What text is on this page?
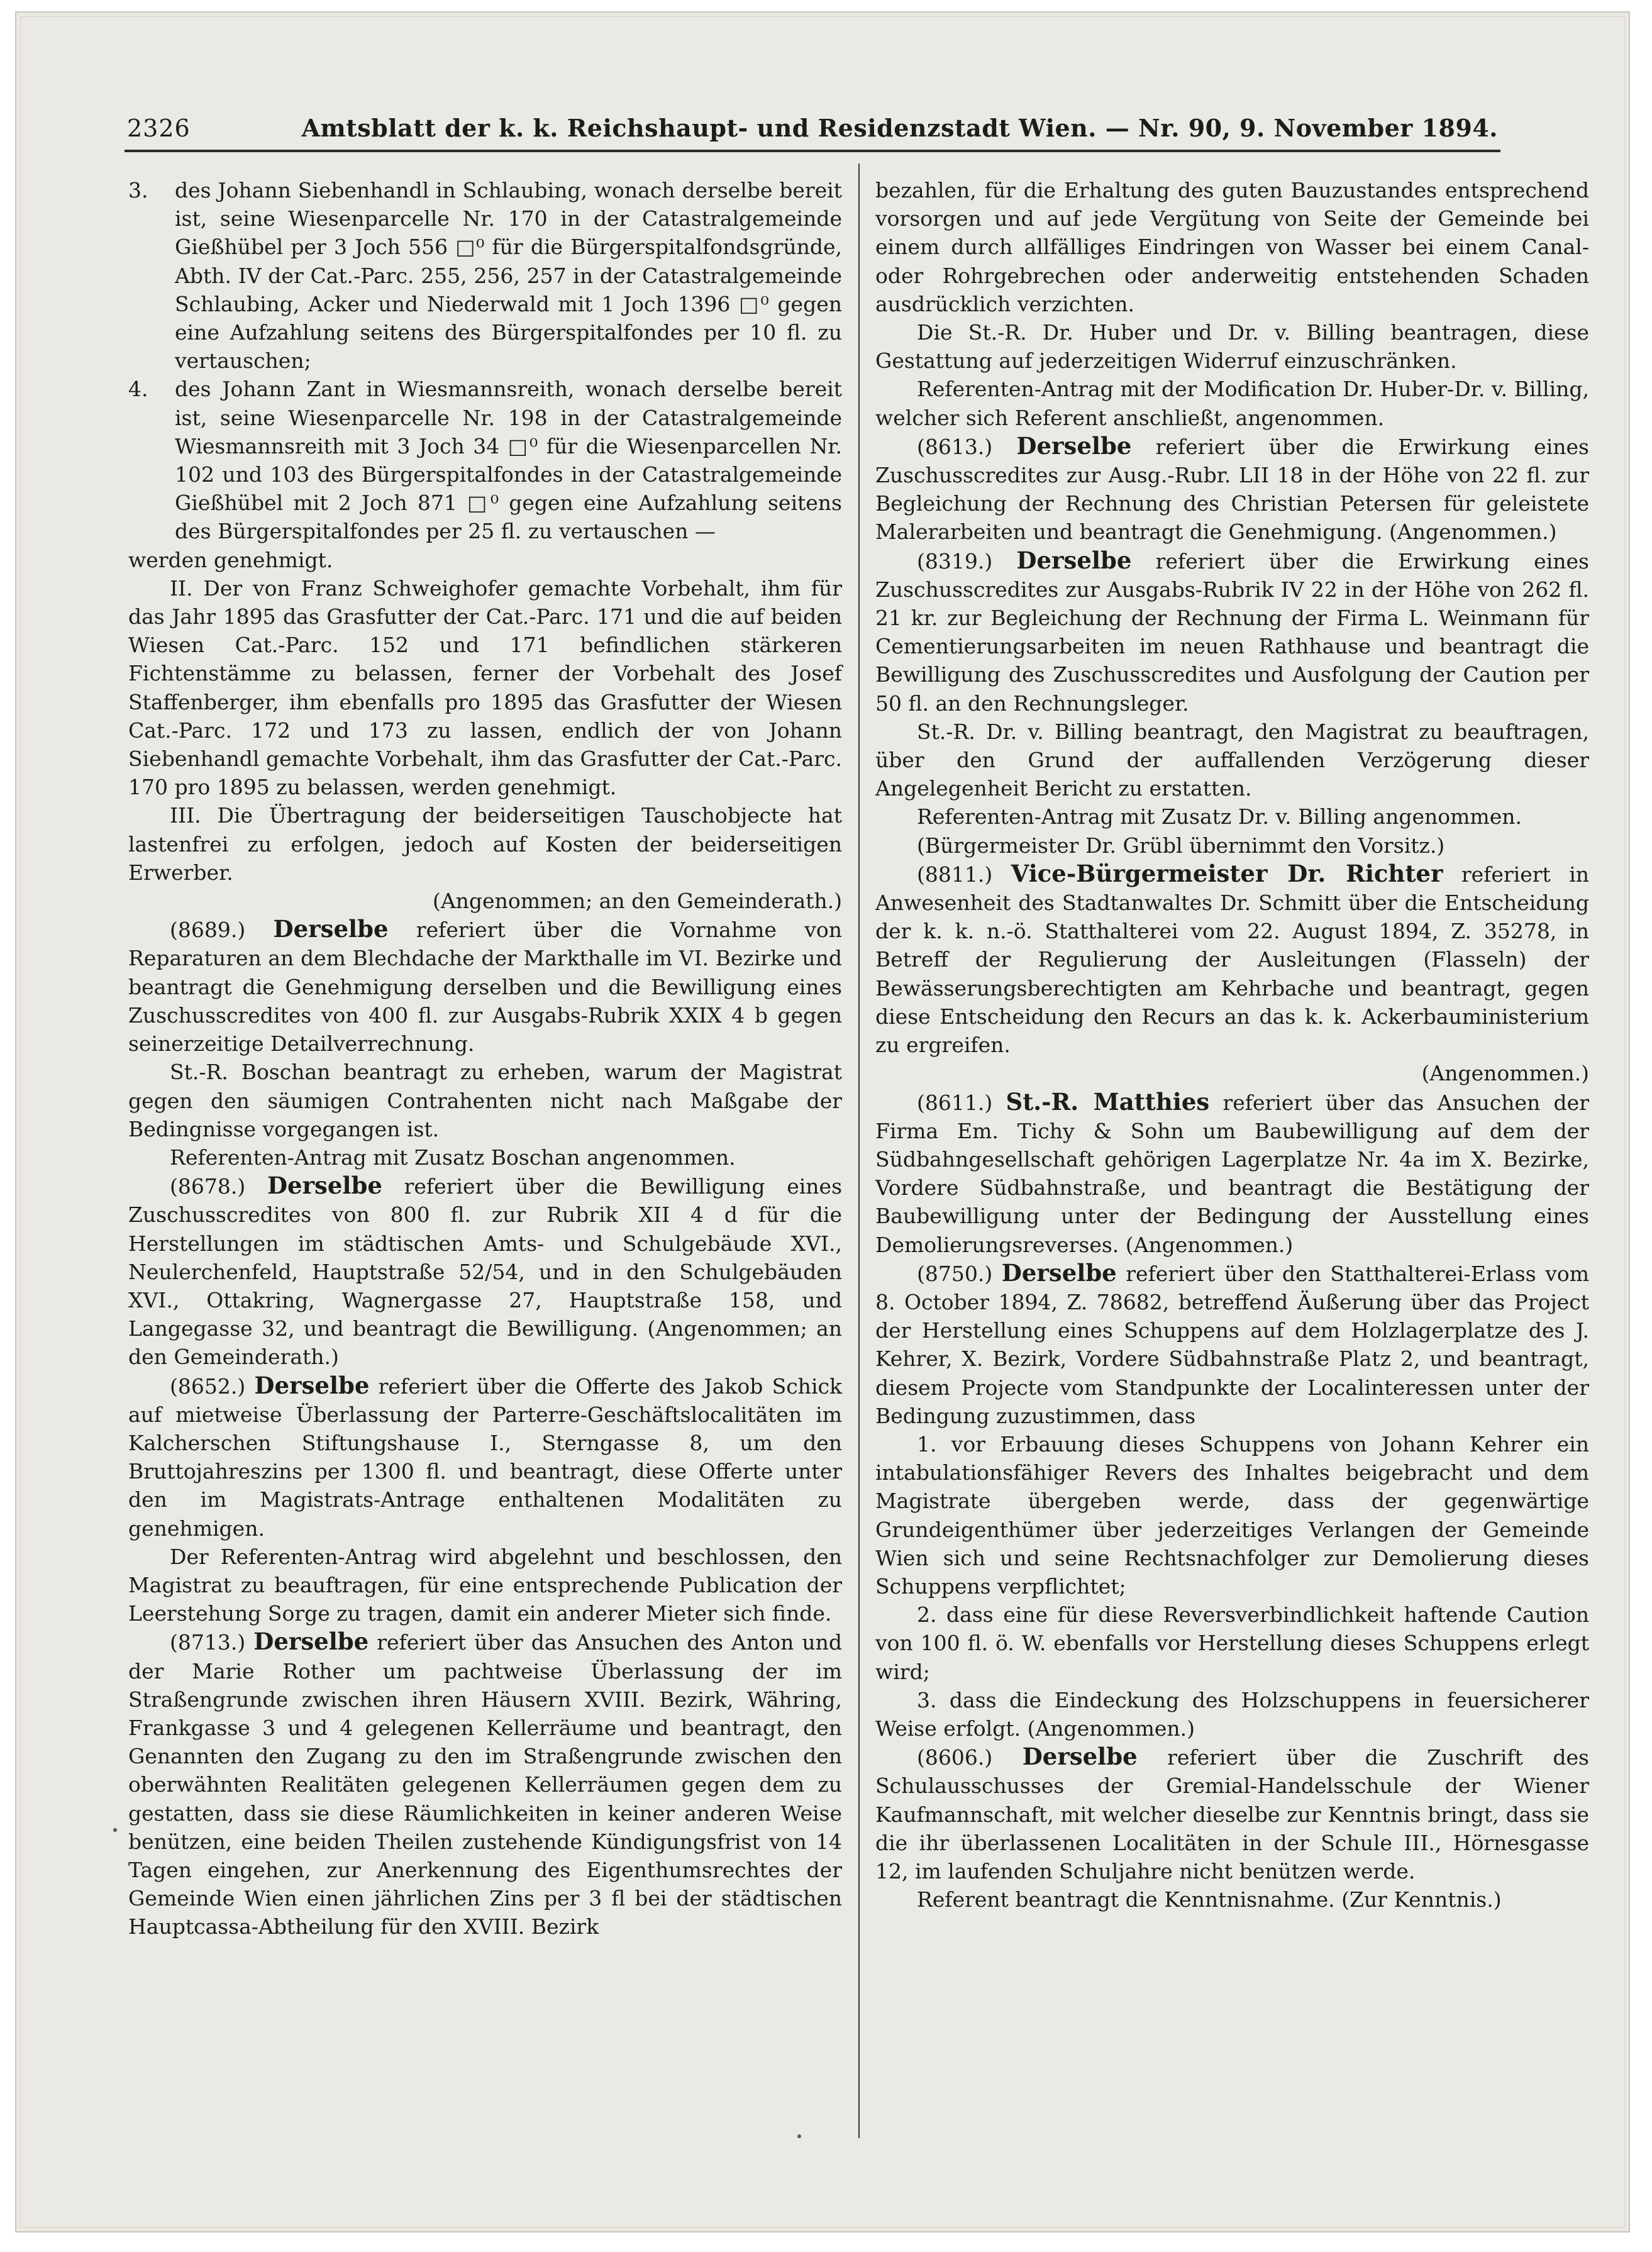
2326	Amtsblatt der k. k. Reichshaupt- und Residenzstadt Wien. — Nr. 90, 9. November 1894.

3. des Johann Siebenhandl in Schlaubing, wonach derselbe bereit ist, seine Wiesenparcelle Nr. 170 in der Catastralgemeinde Gießhübel per 3 Joch 556 □⁰ für die Bürgerspitalfondsgründe, Abth. IV der Cat.-Parc. 255, 256, 257 in der Catastralgemeinde Schlaubing, Acker und Niederwald mit 1 Joch 1396 □⁰ gegen eine Aufzahlung seitens des Bürgerspitalfondes per 10 fl. zu vertauschen;

4. des Johann Zant in Wiesmannsreith, wonach derselbe bereit ist, seine Wiesenparcelle Nr. 198 in der Catastralgemeinde Wiesmannsreith mit 3 Joch 34 □⁰ für die Wiesenparcellen Nr. 102 und 103 des Bürgerspitalfondes in der Catastralgemeinde Gießhübel mit 2 Joch 871 □⁰ gegen eine Aufzahlung seitens des Bürgerspitalfondes per 25 fl. zu vertauschen —

werden genehmigt.

II. Der von Franz Schweighofer gemachte Vorbehalt, ihm für das Jahr 1895 das Grasfutter der Cat.-Parc. 171 und die auf beiden Wiesen Cat.-Parc. 152 und 171 befindlichen stärkeren Fichtenstämme zu belassen, ferner der Vorbehalt des Josef Staffenberger, ihm ebenfalls pro 1895 das Grasfutter der Wiesen Cat.-Parc. 172 und 173 zu lassen, endlich der von Johann Siebenhandl gemachte Vorbehalt, ihm das Grasfutter der Cat.-Parc. 170 pro 1895 zu belassen, werden genehmigt.

III. Die Übertragung der beiderseitigen Tauschobjecte hat lastenfrei zu erfolgen, jedoch auf Kosten der beiderseitigen Erwerber.

(Angenommen; an den Gemeinderath.)

(8689.) Derselbe referiert über die Vornahme von Reparaturen an dem Blechdache der Markthalle im VI. Bezirke und beantragt die Genehmigung derselben und die Bewilligung eines Zuschusscredites von 400 fl. zur Ausgabs-Rubrik XXIX 4 b gegen seinerzeitige Detailverrechnung.

St.-R. Boschan beantragt zu erheben, warum der Magistrat gegen den säumigen Contrahenten nicht nach Maßgabe der Bedingnisse vorgegangen ist.

Referenten-Antrag mit Zusatz Boschan angenommen.

(8678.) Derselbe referiert über die Bewilligung eines Zuschusscredites von 800 fl. zur Rubrik XII 4 d für die Herstellungen im städtischen Amts- und Schulgebäude XVI., Neulerchenfeld, Hauptstraße 52/54, und in den Schulgebäuden XVI., Ottakring, Wagnergasse 27, Hauptstraße 158, und Langegasse 32, und beantragt die Bewilligung. (Angenommen; an den Gemeinderath.)

(8652.) Derselbe referiert über die Offerte des Jakob Schick auf mietweise Überlassung der Parterre-Geschäftslocalitäten im Kalcherschen Stiftungshause I., Sterngasse 8, um den Bruttojahreszins per 1300 fl. und beantragt, diese Offerte unter den im Magistrats-Antrage enthaltenen Modalitäten zu genehmigen.

Der Referenten-Antrag wird abgelehnt und beschlossen, den Magistrat zu beauftragen, für eine entsprechende Publication der Leerstehung Sorge zu tragen, damit ein anderer Mieter sich finde.

(8713.) Derselbe referiert über das Ansuchen des Anton und der Marie Rother um pachtweise Überlassung der im Straßengrunde zwischen ihren Häusern XVIII. Bezirk, Währing, Frankgasse 3 und 4 gelegenen Kellerräume und beantragt, den Genannten den Zugang zu den im Straßengrunde zwischen den oberwähnten Realitäten gelegenen Kellerräumen gegen dem zu gestatten, dass sie diese Räumlichkeiten in keiner anderen Weise benützen, eine beiden Theilen zustehende Kündigungsfrist von 14 Tagen eingehen, zur Anerkennung des Eigenthumsrechtes der Gemeinde Wien einen jährlichen Zins per 3 fl bei der städtischen Hauptcassa-Abtheilung für den XVIII. Bezirk

bezahlen, für die Erhaltung des guten Bauzustandes entsprechend vorsorgen und auf jede Vergütung von Seite der Gemeinde bei einem durch allfälliges Eindringen von Wasser bei einem Canal- oder Rohrgebrechen oder anderweitig entstehenden Schaden ausdrücklich verzichten.

Die St.-R. Dr. Huber und Dr. v. Billing beantragen, diese Gestattung auf jederzeitigen Widerruf einzuschränken.

Referenten-Antrag mit der Modification Dr. Huber-Dr. v. Billing, welcher sich Referent anschließt, angenommen.

(8613.) Derselbe referiert über die Erwirkung eines Zuschusscredites zur Ausg.-Rubr. LII 18 in der Höhe von 22 fl. zur Begleichung der Rechnung des Christian Petersen für geleistete Malerarbeiten und beantragt die Genehmigung. (Angenommen.)

(8319.) Derselbe referiert über die Erwirkung eines Zuschusscredites zur Ausgabs-Rubrik IV 22 in der Höhe von 262 fl. 21 kr. zur Begleichung der Rechnung der Firma L. Weinmann für Cementierungsarbeiten im neuen Rathhause und beantragt die Bewilligung des Zuschusscredites und Ausfolgung der Caution per 50 fl. an den Rechnungsleger.

St.-R. Dr. v. Billing beantragt, den Magistrat zu beauftragen, über den Grund der auffallenden Verzögerung dieser Angelegenheit Bericht zu erstatten.

Referenten-Antrag mit Zusatz Dr. v. Billing angenommen.

(Bürgermeister Dr. Grübl übernimmt den Vorsitz.)

(8811.) Vice-Bürgermeister Dr. Richter referiert in Anwesenheit des Stadtanwaltes Dr. Schmitt über die Entscheidung der k. k. n.-ö. Statthalterei vom 22. August 1894, Z. 35278, in Betreff der Regulierung der Ausleitungen (Flasseln) der Bewässerungsberechtigten am Kehrbache und beantragt, gegen diese Entscheidung den Recurs an das k. k. Ackerbauministerium zu ergreifen.

(Angenommen.)

(8611.) St.-R. Matthies referiert über das Ansuchen der Firma Em. Tichy & Sohn um Baubewilligung auf dem der Südbahngesellschaft gehörigen Lagerplatze Nr. 4a im X. Bezirke, Vordere Südbahnstraße, und beantragt die Bestätigung der Baubewilligung unter der Bedingung der Ausstellung eines Demolierungsreverses. (Angenommen.)

(8750.) Derselbe referiert über den Statthalterei-Erlass vom 8. October 1894, Z. 78682, betreffend Äußerung über das Project der Herstellung eines Schuppens auf dem Holzlagerplatze des J. Kehrer, X. Bezirk, Vordere Südbahnstraße Platz 2, und beantragt, diesem Projecte vom Standpunkte der Localinteressen unter der Bedingung zuzustimmen, dass

1. vor Erbauung dieses Schuppens von Johann Kehrer ein intabulationsfähiger Revers des Inhaltes beigebracht und dem Magistrate übergeben werde, dass der gegenwärtige Grundeigenthümer über jederzeitiges Verlangen der Gemeinde Wien sich und seine Rechtsnachfolger zur Demolierung dieses Schuppens verpflichtet;

2. dass eine für diese Reversverbindlichkeit haftende Caution von 100 fl. ö. W. ebenfalls vor Herstellung dieses Schuppens erlegt wird;

3. dass die Eindeckung des Holzschuppens in feuersicherer Weise erfolgt. (Angenommen.)

(8606.) Derselbe referiert über die Zuschrift des Schulausschusses der Gremial-Handelsschule der Wiener Kaufmannschaft, mit welcher dieselbe zur Kenntnis bringt, dass sie die ihr überlassenen Localitäten in der Schule III., Hörnesgasse 12, im laufenden Schuljahre nicht benützen werde.

Referent beantragt die Kenntnisnahme. (Zur Kenntnis.)
